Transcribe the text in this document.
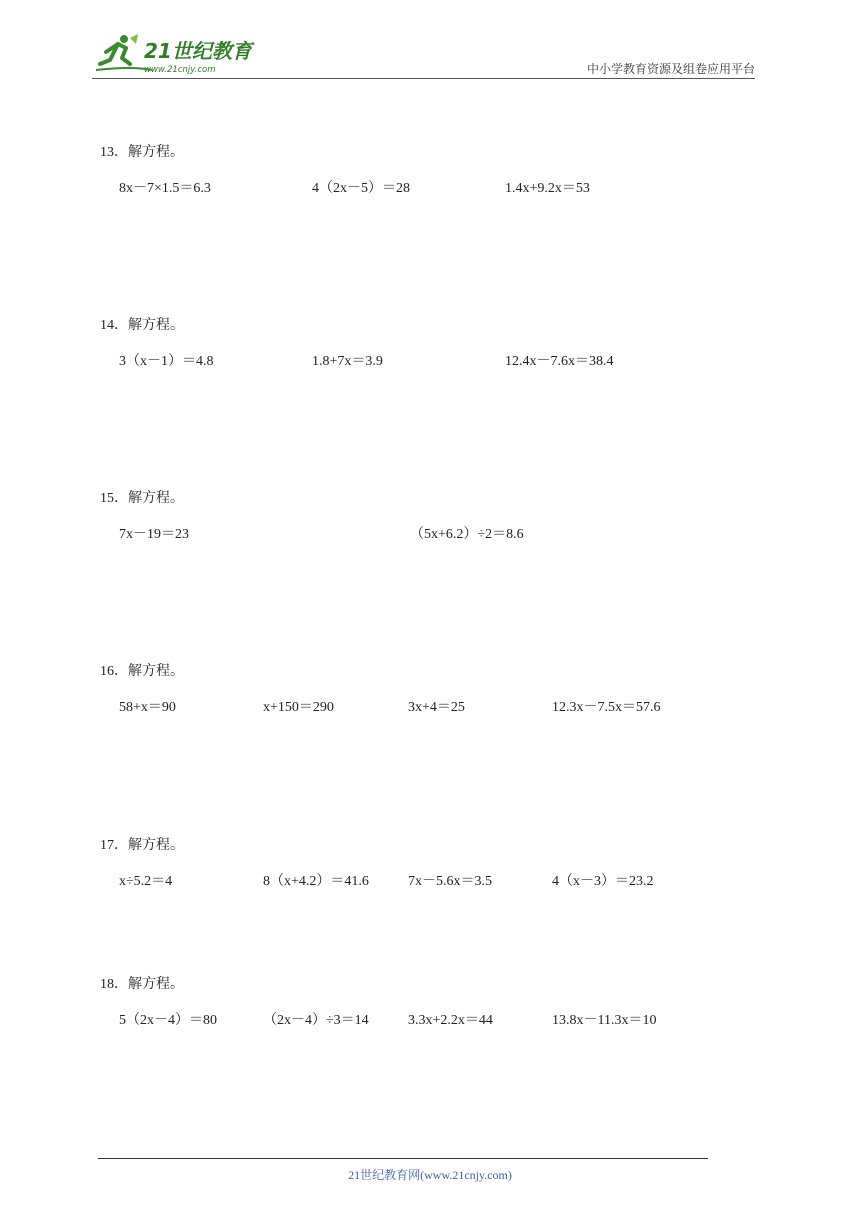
21世纪教育
www.21cnjy.com	中小学教育资源及组卷应用平台
13．解方程。
8x－7×1.5＝6.3	4（2x－5）＝28	1.4x+9.2x＝53
14．解方程。
3（x－1）＝4.8	1.8+7x＝3.9	12.4x－7.6x＝38.4
15．解方程。
7x－19＝23	（5x+6.2）÷2＝8.6
16．解方程。
58+x＝90	x+150＝290	3x+4＝25	12.3x－7.5x＝57.6
17．解方程。
x÷5.2＝4	8（x+4.2）＝41.6	7x－5.6x＝3.5	4（x－3）＝23.2
18．解方程。
5（2x－4）＝80	（2x－4）÷3＝14	3.3x+2.2x＝44	13.8x－11.3x＝10
21世纪教育网(www.21cnjy.com)
